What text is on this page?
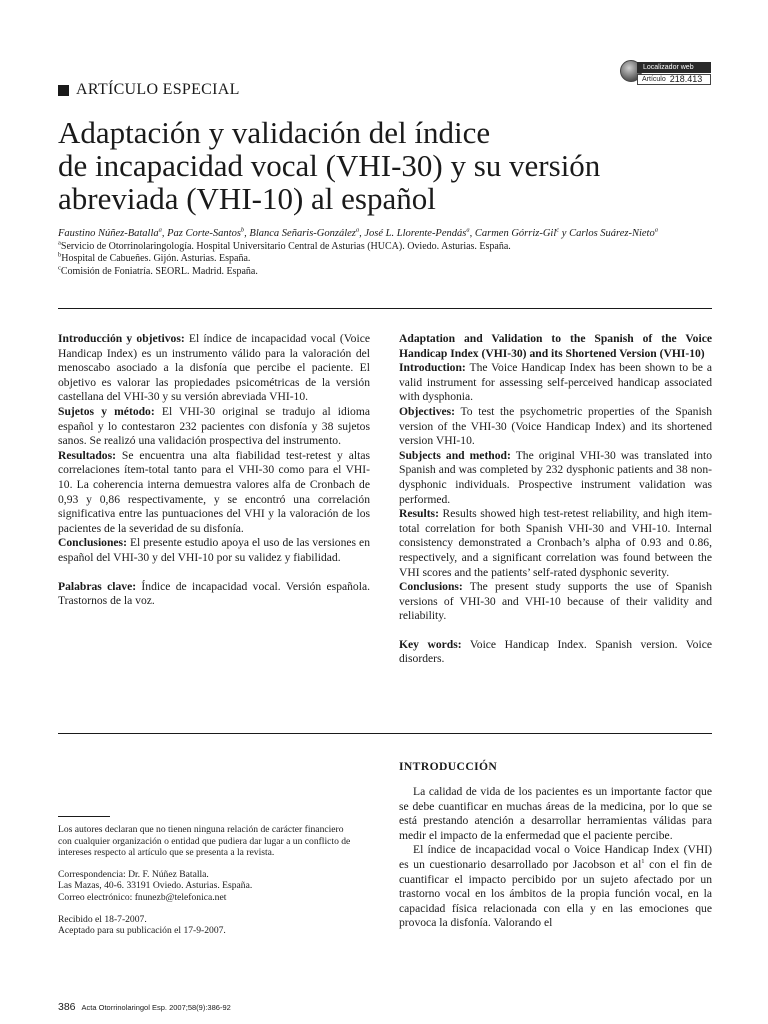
ARTÍCULO ESPECIAL
Localizador web
Artículo 218.413
Adaptación y validación del índice
de incapacidad vocal (VHI-30) y su versión
abreviada (VHI-10) al español
Faustino Núñez-Batalla$^a$, Paz Corte-Santos$^b$, Blanca Señaris-González$^a$, José L. Llorente-Pendás$^a$, Carmen Górriz-Gil$^c$ y Carlos Suárez-Nieto$^a$
$^a$Servicio de Otorrinolaringología. Hospital Universitario Central de Asturias (HUCA). Oviedo. Asturias. España.
$^b$Hospital de Cabueñes. Gijón. Asturias. España.
$^c$Comisión de Foniatría. SEORL. Madrid. España.

Introducción y objetivos: El índice de incapacidad vocal (Voice Handicap Index) es un instrumento válido para la valoración del menoscabo asociado a la disfonía que percibe el paciente. El objetivo es valorar las propiedades psicométricas de la versión castellana del VHI-30 y su versión abreviada VHI-10.

Sujetos y método: El VHI-30 original se tradujo al idioma español y lo contestaron 232 pacientes con disfonía y 38 sujetos sanos. Se realizó una validación prospectiva del instrumento.

Resultados: Se encuentra una alta fiabilidad test-retest y altas correlaciones ítem-total tanto para el VHI-30 como para el VHI-10. La coherencia interna demuestra valores alfa de Cronbach de 0,93 y 0,86 respectivamente, y se encontró una correlación significativa entre las puntuaciones del VHI y la valoración de los pacientes de la severidad de su disfonía.

Conclusiones: El presente estudio apoya el uso de las versiones en español del VHI-30 y del VHI-10 por su validez y fiabilidad.

Palabras clave: Índice de incapacidad vocal. Versión española. Trastornos de la voz.

Adaptation and Validation to the Spanish of the Voice Handicap Index (VHI-30) and its Shortened Version (VHI-10)

Introduction: The Voice Handicap Index has been shown to be a valid instrument for assessing self-perceived handicap associated with dysphonia.

Objectives: To test the psychometric properties of the Spanish version of the VHI-30 (Voice Handicap Index) and its shortened version VHI-10.

Subjects and method: The original VHI-30 was translated into Spanish and was completed by 232 dysphonic patients and 38 non-dysphonic individuals. Prospective instrument validation was performed.

Results: Results showed high test-retest reliability, and high item-total correlation for both Spanish VHI-30 and VHI-10. Internal consistency demonstrated a Cronbach’s alpha of 0.93 and 0.86, respectively, and a significant correlation was found between the VHI scores and the patients’ self-rated dysphonic severity.

Conclusions: The present study supports the use of Spanish versions of VHI-30 and VHI-10 because of their validity and reliability.

Key words: Voice Handicap Index. Spanish version. Voice disorders.

INTRODUCCIÓN

La calidad de vida de los pacientes es un importante factor que se debe cuantificar en muchas áreas de la medicina, por lo que se está prestando atención a desarrollar herramientas válidas para medir el impacto de la enfermedad que el paciente percibe.

El índice de incapacidad vocal o Voice Handicap Index (VHI) es un cuestionario desarrollado por Jacobson et $al^1$ con el fin de cuantificar el impacto percibido por un sujeto afectado por un trastorno vocal en los ámbitos de la propia función vocal, en la capacidad física relacionada con ella y en las emociones que provoca la disfonía. Valorando el

Los autores declaran que no tienen ninguna relación de carácter financiero con cualquier organización o entidad que pudiera dar lugar a un conflicto de intereses respecto al artículo que se presenta a la revista.

Correspondencia: Dr. F. Núñez Batalla.

Las Mazas, 40-6. 33191 Oviedo. Asturias. España.

Correo electrónico: fnunezb@telefonica.net

Recibido el 18-7-2007.

Aceptado para su publicación el 17-9-2007.

386 Acta Otorrinolaringol Esp. 2007;58(9):386-92
